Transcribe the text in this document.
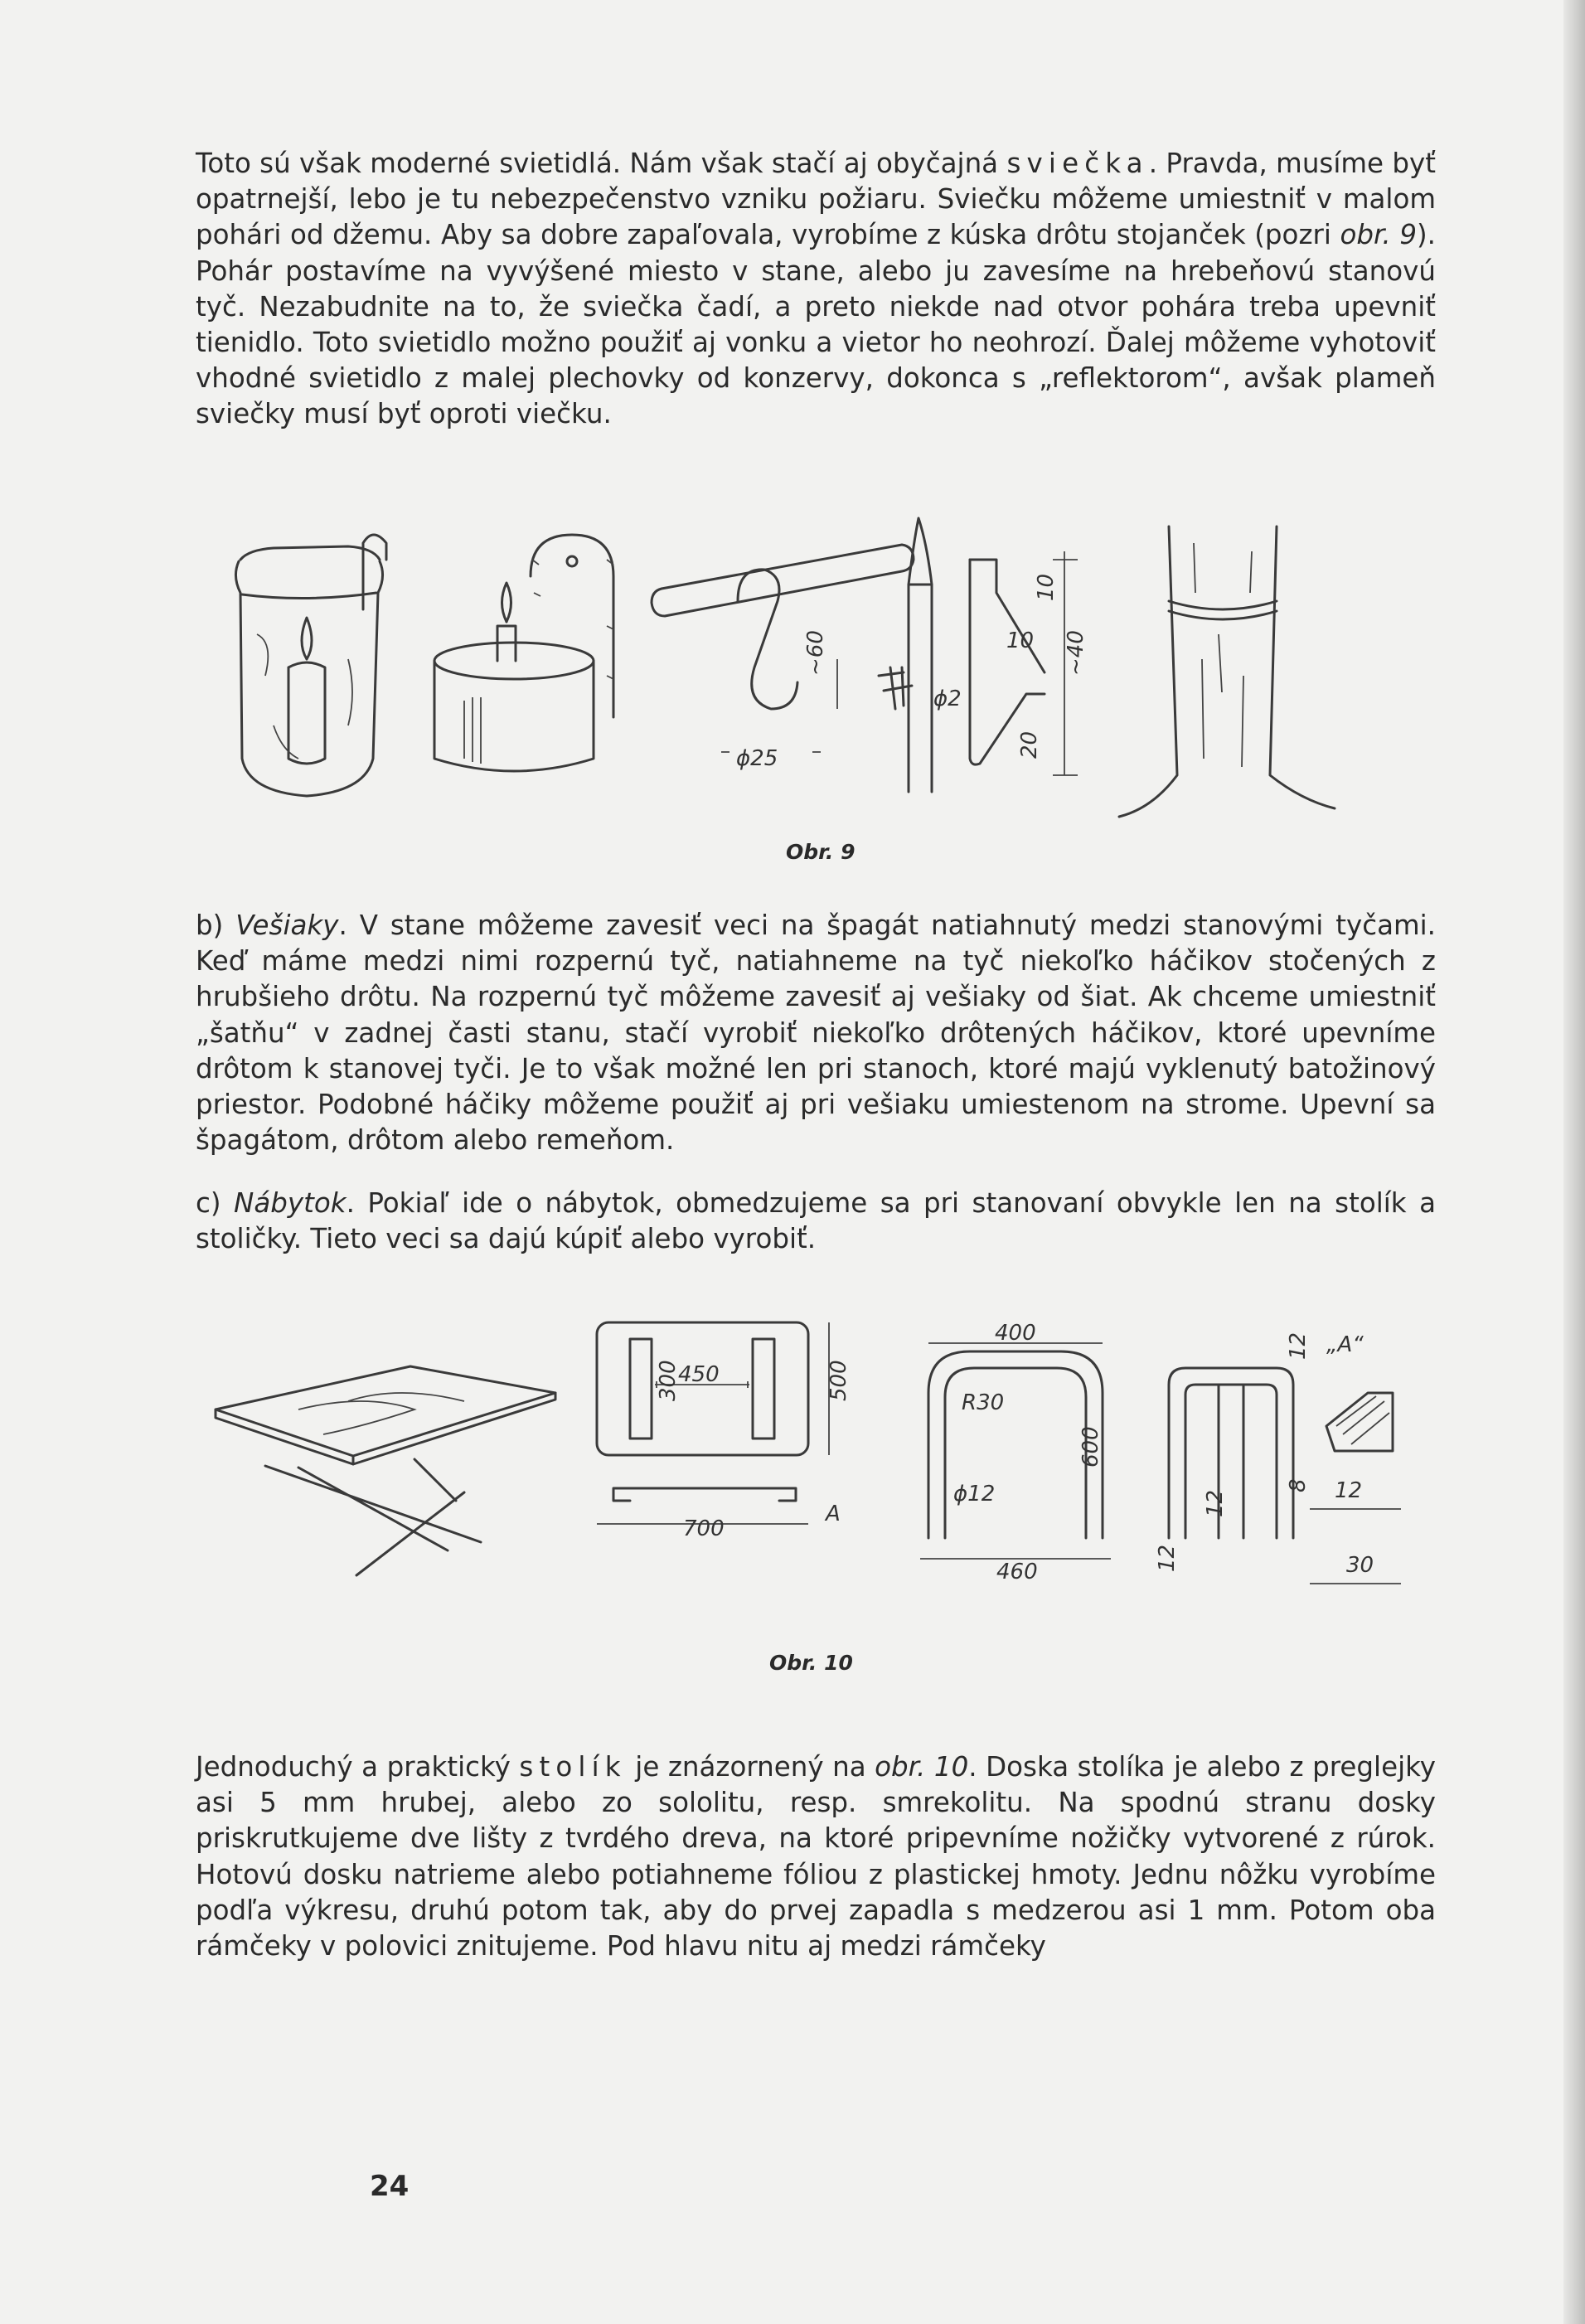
Toto sú však moderné svietidlá. Nám však stačí aj obyčajná sviečka. Pravda, musíme byť opatrnejší, lebo je tu nebezpečenstvo vzniku požiaru. Sviečku môžeme umiestniť v malom pohári od džemu. Aby sa dobre zapaľovala, vyrobíme z kúska drôtu stojanček (pozri obr. 9). Pohár postavíme na vyvýšené miesto v stane, alebo ju zavesíme na hrebeňovú stanovú tyč. Nezabudnite na to, že sviečka čadí, a preto niekde nad otvor pohára treba upevniť tienidlo. Toto svietidlo možno použiť aj vonku a vietor ho neohrozí. Ďalej môžeme vyhotoviť vhodné svietidlo z malej plechovky od konzervy, dokonca s „reflektorom“, avšak plameň sviečky musí byť oproti viečku.

~60
ϕ25
10
10 ~40
ϕ2
20
Obr. 9

b) Vešiaky. V stane môžeme zavesiť veci na špagát natiahnutý medzi stanovými tyčami. Keď máme medzi nimi rozpernú tyč, natiahneme na tyč niekoľko háčikov stočených z hrubšieho drôtu. Na rozpernú tyč môžeme zavesiť aj vešiaky od šiat. Ak chceme umiestniť „šatňu“ v zadnej časti stanu, stačí vyrobiť niekoľko drôtených háčikov, ktoré upevníme drôtom k stanovej tyči. Je to však možné len pri stanoch, ktoré majú vyklenutý batožinový priestor. Podobné háčiky môžeme použiť aj pri vešiaku umiestenom na strome. Upevní sa špagátom, drôtom alebo remeňom.

c) Nábytok. Pokiaľ ide o nábytok, obmedzujeme sa pri stanovaní obvykle len na stolík a stoličky. Tieto veci sa dajú kúpiť alebo vyrobiť.

450
300	500
700
A
400
R30
600
ϕ12
460
„A“
12
12
8 12
12	30
Obr. 10

Jednoduchý a praktický stolík je znázornený na obr. 10. Doska stolíka je alebo z preglejky asi 5 mm hrubej, alebo zo sololitu, resp. smrekolitu. Na spodnú stranu dosky priskrutkujeme dve lišty z tvrdého dreva, na ktoré pripevníme nožičky vytvorené z rúrok. Hotovú dosku natrieme alebo potiahneme fóliou z plastickej hmoty. Jednu nôžku vyrobíme podľa výkresu, druhú potom tak, aby do prvej zapadla s medzerou asi 1 mm. Potom oba rámčeky v polovici znitujeme. Pod hlavu nitu aj medzi rámčeky

24
